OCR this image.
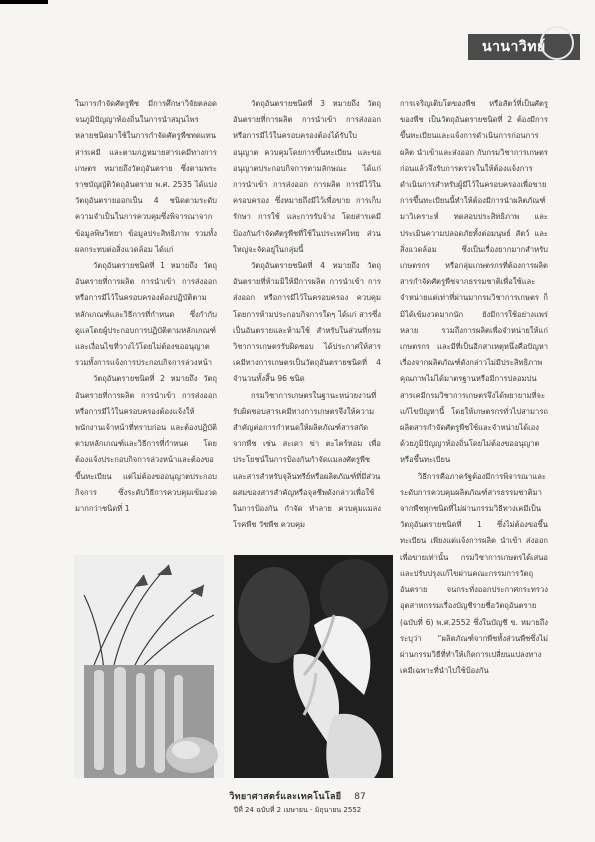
นานาวิทย์

ในการกำจัดศัตรูพืช มีการศึกษาวิจัยตลอดจนภูมิปัญญาท้องถิ่นในการนำสมุนไพรหลายชนิดมาใช้ในการกำจัดศัตรูพืชทดแทนสารเคมี และตามกฎหมายสารเคมีทางการเกษตร หมายถึงวัตถุอันตราย ซึ่งตามพระราชบัญญัติวัตถุอันตราย พ.ศ. 2535 ได้แบ่งวัตถุอันตรายออกเป็น 4 ชนิดตามระดับความจำเป็นในการควบคุมซึ่งพิจารณาจากข้อมูลพิษวิทยา ข้อมูลประสิทธิภาพ รวมทั้งผลกระทบต่อสิ่งแวดล้อม ได้แก่

วัตถุอันตรายชนิดที่ 1 หมายถึง วัตถุอันตรายที่การผลิต การนำเข้า การส่งออก หรือการมีไว้ในครอบครองต้องปฏิบัติตามหลักเกณฑ์และวิธีการที่กำหนด ซึ่งกำกับดูแลโดยผู้ประกอบการปฏิบัติตามหลักเกณฑ์และเงื่อนไขที่วางไว้โดยไม่ต้องขออนุญาตรวมทั้งการแจ้งการประกอบกิจการล่วงหน้า

วัตถุอันตรายชนิดที่ 2 หมายถึง วัตถุอันตรายที่การผลิต การนำเข้า การส่งออก หรือการมีไว้ในครอบครองต้องแจ้งให้พนักงานเจ้าหน้าที่ทราบก่อน และต้องปฏิบัติตามหลักเกณฑ์และวิธีการที่กำหนด โดยต้องแจ้งประกอบกิจการล่วงหน้าและต้องขอขึ้นทะเบียน แต่ไม่ต้องขออนุญาตประกอบกิจการ ซึ่งระดับวิธีการควบคุมเข้มงวดมากกว่าชนิดที่ 1

วัตถุอันตรายชนิดที่ 3 หมายถึง วัตถุอันตรายที่การผลิต การนำเข้า การส่งออก หรือการมีไว้ในครอบครองต้องได้รับใบอนุญาต ควบคุมโดยการขึ้นทะเบียน และขออนุญาตประกอบกิจการตามลักษณะ ได้แก่ การนำเข้า การส่งออก การผลิต การมีไว้ในครอบครอง ซึ่งหมายถึงมีไว้เพื่อขาย การเก็บรักษา การใช้ และการรับจ้าง โดยสารเคมีป้องกันกำจัดศัตรูพืชที่ใช้ในประเทศไทย ส่วนใหญ่จะจัดอยู่ในกลุ่มนี้

วัตถุอันตรายชนิดที่ 4 หมายถึง วัตถุอันตรายที่ห้ามมิให้มีการผลิต การนำเข้า การส่งออก หรือการมีไว้ในครอบครอง ควบคุมโดยการห้ามประกอบกิจการใดๆ ได้แก่ สารซึ่งเป็นอันตรายและห้ามใช้ สำหรับในส่วนที่กรมวิชาการเกษตรรับผิดชอบ ได้ประกาศให้สารเคมีทางการเกษตรเป็นวัตถุอันตรายชนิดที่ 4 จำนวนทั้งสิ้น 96 ชนิด

กรมวิชาการเกษตรในฐานะหน่วยงานที่รับผิดชอบสารเคมีทางการเกษตรจึงให้ความสำคัญต่อการกำหนดให้ผลิตภัณฑ์สารสกัดจากพืช เช่น สะเดา ข่า ตะไคร้หอม เพื่อประโยชน์ในการป้องกันกำจัดแมลงศัตรูพืช และสารสำหรับจุลินทรีย์หรือผลิตภัณฑ์ที่มีส่วนผสมของสารสำคัญหรือจุลชีพดังกล่าวเพื่อใช้ในการป้องกัน กำจัด ทำลาย ควบคุมแมลง โรคพืช วัชพืช ควบคุม

การเจริญเติบโตของพืช หรือสัตว์ที่เป็นศัตรูของพืช เป็นวัตถุอันตรายชนิดที่ 2 ต้องมีการขึ้นทะเบียนและแจ้งการดำเนินการก่อนการผลิต นำเข้าและส่งออก กับกรมวิชาการเกษตรก่อนแล้วจึงรับการตรวจในให้ต้องแจ้งการดำเนินการสำหรับผู้มีไว้ในครอบครองเพื่อขาย การขึ้นทะเบียนนี้ทำให้ต้องมีการนำผลิตภัณฑ์มาวิเคราะห์ ทดสอบประสิทธิภาพ และประเมินความปลอดภัยทั้งต่อมนุษย์ สัตว์ และสิ่งแวดล้อม ซึ่งเป็นเรื่องยากมากสำหรับเกษตรกร หรือกลุ่มเกษตรกรที่ต้องการผลิตสารกำจัดศัตรูพืชจากธรรมชาติเพื่อใช้และจำหน่ายแต่เท่าที่ผ่านมากรมวิชาการเกษตร ก็มิได้เข้มงวดมากนัก ยังมีการใช้อย่างแพร่หลาย รวมถึงการผลิตเพื่อจำหน่ายให้แก่เกษตรกร และมีที่เป็นอีกสาเหตุหนึ่งคือปัญหาเรื่องจากผลิตภัณฑ์ดังกล่าวไม่มีประสิทธิภาพ คุณภาพไม่ได้มาตรฐานหรือมีการปลอมปนสารเคมีกรมวิชาการเกษตรจึงได้พยายามที่จะแก้ไขปัญหานี้ โดยให้เกษตรกรทั่วไปสามารถผลิตสารกำจัดศัตรูพืชใช้และจำหน่ายได้เองด้วยภูมิปัญญาท้องถิ่นโดยไม่ต้องขออนุญาตหรือขึ้นทะเบียน

วิธีการคือภาครัฐต้องมีการพิจารณาและระดับการควบคุมผลิตภัณฑ์สารธรรมชาติมาจากพืชทุกชนิดที่ไม่ผ่านกรรมวิธีทางเคมีเป็นวัตถุอันตรายชนิดที่ 1 ซึ่งไม่ต้องขอขึ้นทะเบียน เพียงแต่แจ้งการผลิต นำเข้า ส่งออกเพื่อขายเท่านั้น กรมวิชาการเกษตรได้เสนอและปรับปรุงแก้ไขผ่านคณะกรรมการวัตถุอันตราย จนกระทั่งออกประกาศกระทรวงอุตสาหกรรมเรื่องบัญชีรายชื่อวัตถุอันตราย (ฉบับที่ 6) พ.ศ.2552 ซึ่งในบัญชี ข. หมายถึงระบุว่า “ผลิตภัณฑ์จากพืชทั้งส่วนพืชซึ่งไม่ผ่านกรรมวิธีที่ทำให้เกิดการเปลี่ยนแปลงทางเคมีเฉพาะที่นำไปใช้ป้องกัน

วิทยาศาสตร์และเทคโนโลยี 87
ปีที่ 24 ฉบับที่ 2 เมษายน - มิถุนายน 2552
